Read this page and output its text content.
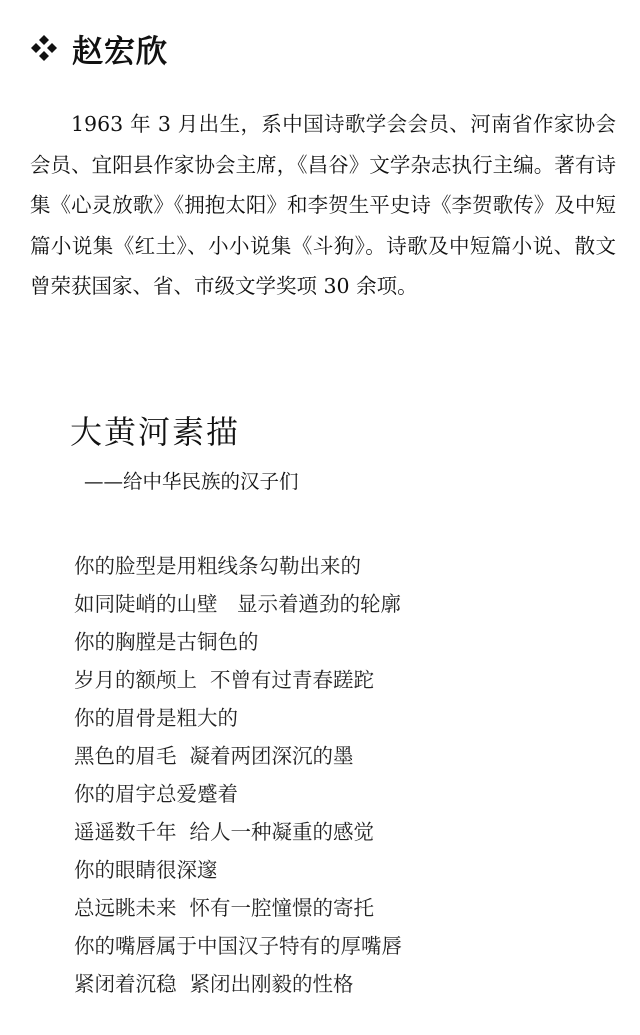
赵宏欣

1963 年 3 月出生，系中国诗歌学会会员、河南省作家协会会员、宜阳县作家协会主席，《昌谷》文学杂志执行主编。著有诗集《心灵放歌》《拥抱太阳》和李贺生平史诗《李贺歌传》及中短篇小说集《红土》、小小说集《斗狗》。诗歌及中短篇小说、散文曾荣获国家、省、市级文学奖项 30 余项。

大黄河素描

——给中华民族的汉子们

你的脸型是用粗线条勾勒出来的
如同陡峭的山壁   显示着遒劲的轮廓
你的胸膛是古铜色的
岁月的额颅上  不曾有过青春蹉跎
你的眉骨是粗大的
黑色的眉毛  凝着两团深沉的墨
你的眉宇总爱蹙着
遥遥数千年  给人一种凝重的感觉
你的眼睛很深邃
总远眺未来  怀有一腔憧憬的寄托
你的嘴唇属于中国汉子特有的厚嘴唇
紧闭着沉稳  紧闭出刚毅的性格
